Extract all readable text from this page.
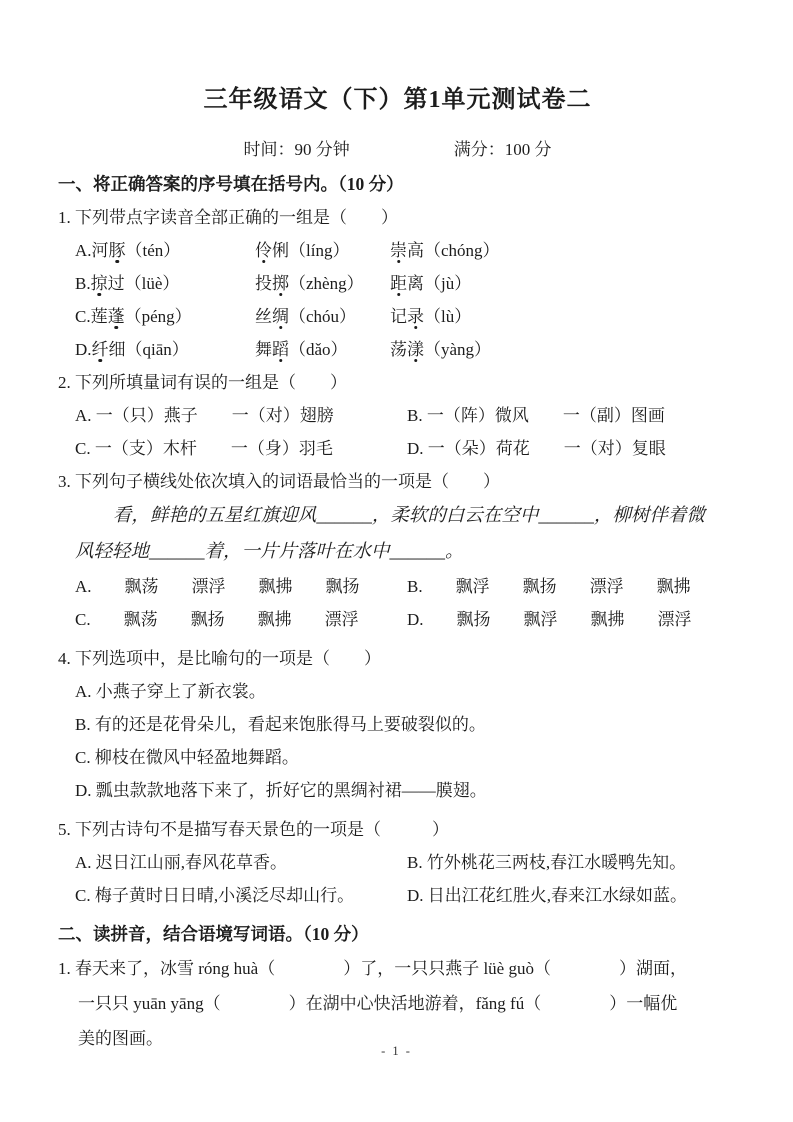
三年级语文（下）第1单元测试卷二
时间：90 分钟	满分：100 分
一、将正确答案的序号填在括号内。（10 分）
1. 下列带点字读音全部正确的一组是（　　）
A.河豚（tén）	伶俐（líng）	崇高（chóng）
B.掠过（lüè）	投掷（zhèng）	距离（jù）
C.莲蓬（péng）	丝绸（chóu）	记录（lù）
D.纤细（qiān）	舞蹈（dǎo）	荡漾（yàng）
2. 下列所填量词有误的一组是（　　）
A. 一（只）燕子　　一（对）翅膀	B. 一（阵）微风　　一（副）图画
C. 一（支）木杆　　一（身）羽毛	D. 一（朵）荷花　　一（对）复眼
3. 下列句子横线处依次填入的词语最恰当的一项是（　　）
看，鲜艳的五星红旗迎风______，柔软的白云在空中______，柳树伴着微
风轻轻地______着，一片片落叶在水中______。
A. 飘荡 漂浮 飘拂 飘扬	B. 飘浮 飘扬 漂浮 飘拂
C. 飘荡 飘扬 飘拂 漂浮	D. 飘扬 飘浮 飘拂 漂浮
4. 下列选项中，是比喻句的一项是（　　）
A. 小燕子穿上了新衣裳。
B. 有的还是花骨朵儿，看起来饱胀得马上要破裂似的。
C. 柳枝在微风中轻盈地舞蹈。
D. 瓢虫款款地落下来了，折好它的黑绸衬裙——膜翅。
5. 下列古诗句不是描写春天景色的一项是（　　　）
A. 迟日江山丽,春风花草香。	B. 竹外桃花三两枝,春江水暖鸭先知。
C. 梅子黄时日日晴,小溪泛尽却山行。	D. 日出江花红胜火,春来江水绿如蓝。
二、读拼音，结合语境写词语。（10 分）
1. 春天来了，冰雪 róng huà（　　　　）了，一只只燕子 lüè guò（　　　　）湖面，
一只只 yuān yāng（　　　　）在湖中心快活地游着，fǎng fú（　　　　）一幅优
美的图画。
- 1 -
